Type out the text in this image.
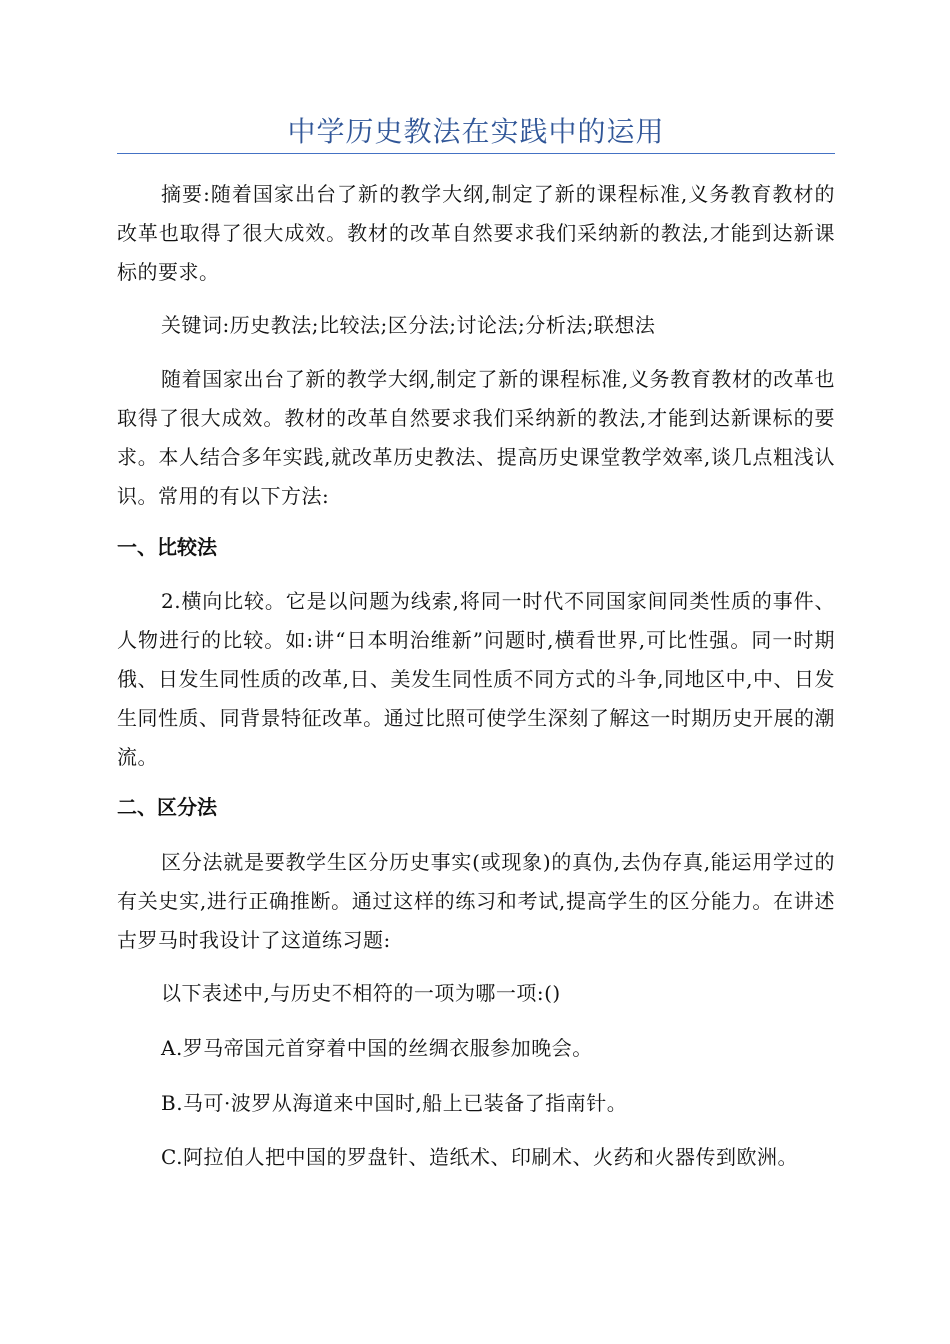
中学历史教法在实践中的运用

摘要:随着国家出台了新的教学大纲,制定了新的课程标准,义务教育教材的改革也取得了很大成效。教材的改革自然要求我们采纳新的教法,才能到达新课标的要求。

关键词:历史教法;比较法;区分法;讨论法;分析法;联想法

随着国家出台了新的教学大纲,制定了新的课程标准,义务教育教材的改革也取得了很大成效。教材的改革自然要求我们采纳新的教法,才能到达新课标的要求。本人结合多年实践,就改革历史教法、提高历史课堂教学效率,谈几点粗浅认识。常用的有以下方法:

一、比较法

2.横向比较。它是以问题为线索,将同一时代不同国家间同类性质的事件、人物进行的比较。如:讲“日本明治维新”问题时,横看世界,可比性强。同一时期俄、日发生同性质的改革,日、美发生同性质不同方式的斗争,同地区中,中、日发生同性质、同背景特征改革。通过比照可使学生深刻了解这一时期历史开展的潮流。

二、区分法

区分法就是要教学生区分历史事实(或现象)的真伪,去伪存真,能运用学过的有关史实,进行正确推断。通过这样的练习和考试,提高学生的区分能力。在讲述古罗马时我设计了这道练习题:

以下表述中,与历史不相符的一项为哪一项:()

A.罗马帝国元首穿着中国的丝绸衣服参加晚会。

B.马可·波罗从海道来中国时,船上已装备了指南针。

C.阿拉伯人把中国的罗盘针、造纸术、印刷术、火药和火器传到欧洲。
